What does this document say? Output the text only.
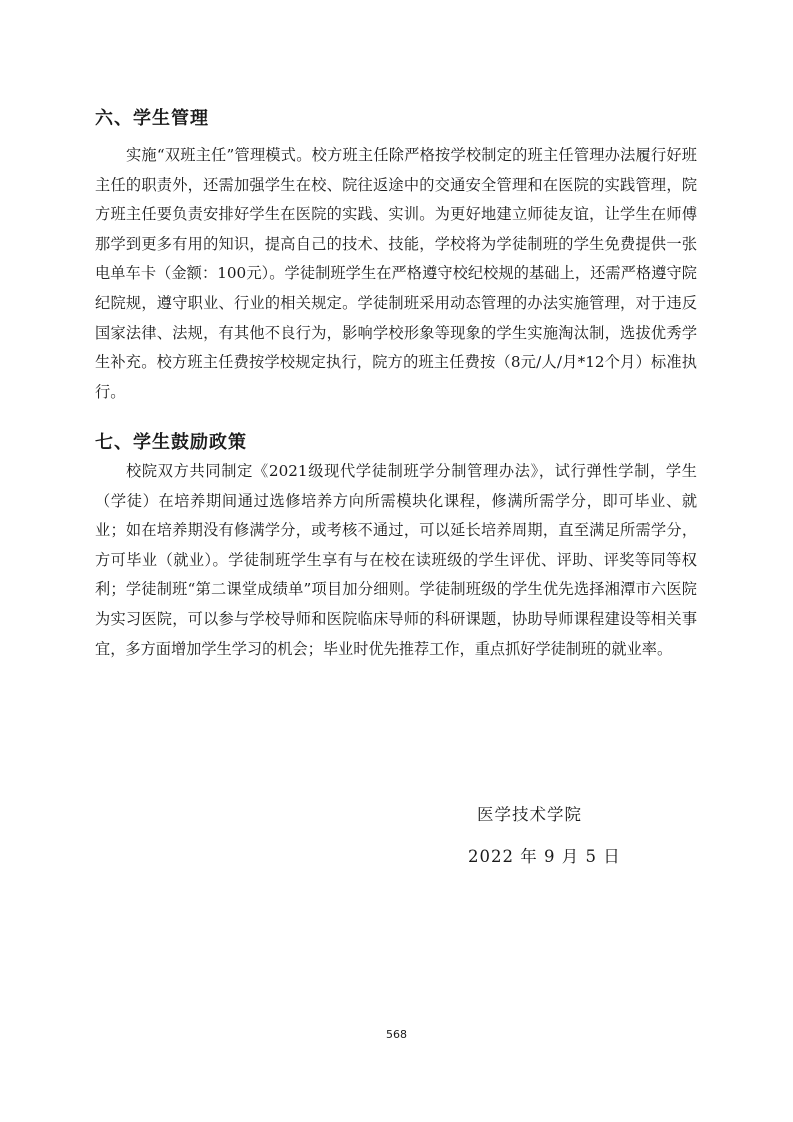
六、学生管理

实施“双班主任”管理模式。校方班主任除严格按学校制定的班主任管理办法履行好班主任的职责外，还需加强学生在校、院往返途中的交通安全管理和在医院的实践管理，院方班主任要负责安排好学生在医院的实践、实训。为更好地建立师徒友谊，让学生在师傅那学到更多有用的知识，提高自己的技术、技能，学校将为学徒制班的学生免费提供一张电单车卡（金额：100元）。学徒制班学生在严格遵守校纪校规的基础上，还需严格遵守院纪院规，遵守职业、行业的相关规定。学徒制班采用动态管理的办法实施管理，对于违反国家法律、法规，有其他不良行为，影响学校形象等现象的学生实施淘汰制，选拔优秀学生补充。校方班主任费按学校规定执行，院方的班主任费按（8元/人/月*12个月）标准执行。

七、学生鼓励政策

校院双方共同制定《2021级现代学徒制班学分制管理办法》，试行弹性学制，学生（学徒）在培养期间通过选修培养方向所需模块化课程，修满所需学分，即可毕业、就业；如在培养期没有修满学分，或考核不通过，可以延长培养周期，直至满足所需学分，方可毕业（就业）。学徒制班学生享有与在校在读班级的学生评优、评助、评奖等同等权利；学徒制班“第二课堂成绩单”项目加分细则。学徒制班级的学生优先选择湘潭市六医院为实习医院，可以参与学校导师和医院临床导师的科研课题，协助导师课程建设等相关事宜，多方面增加学生学习的机会；毕业时优先推荐工作，重点抓好学徒制班的就业率。

医学技术学院
2022 年 9 月 5 日
568
